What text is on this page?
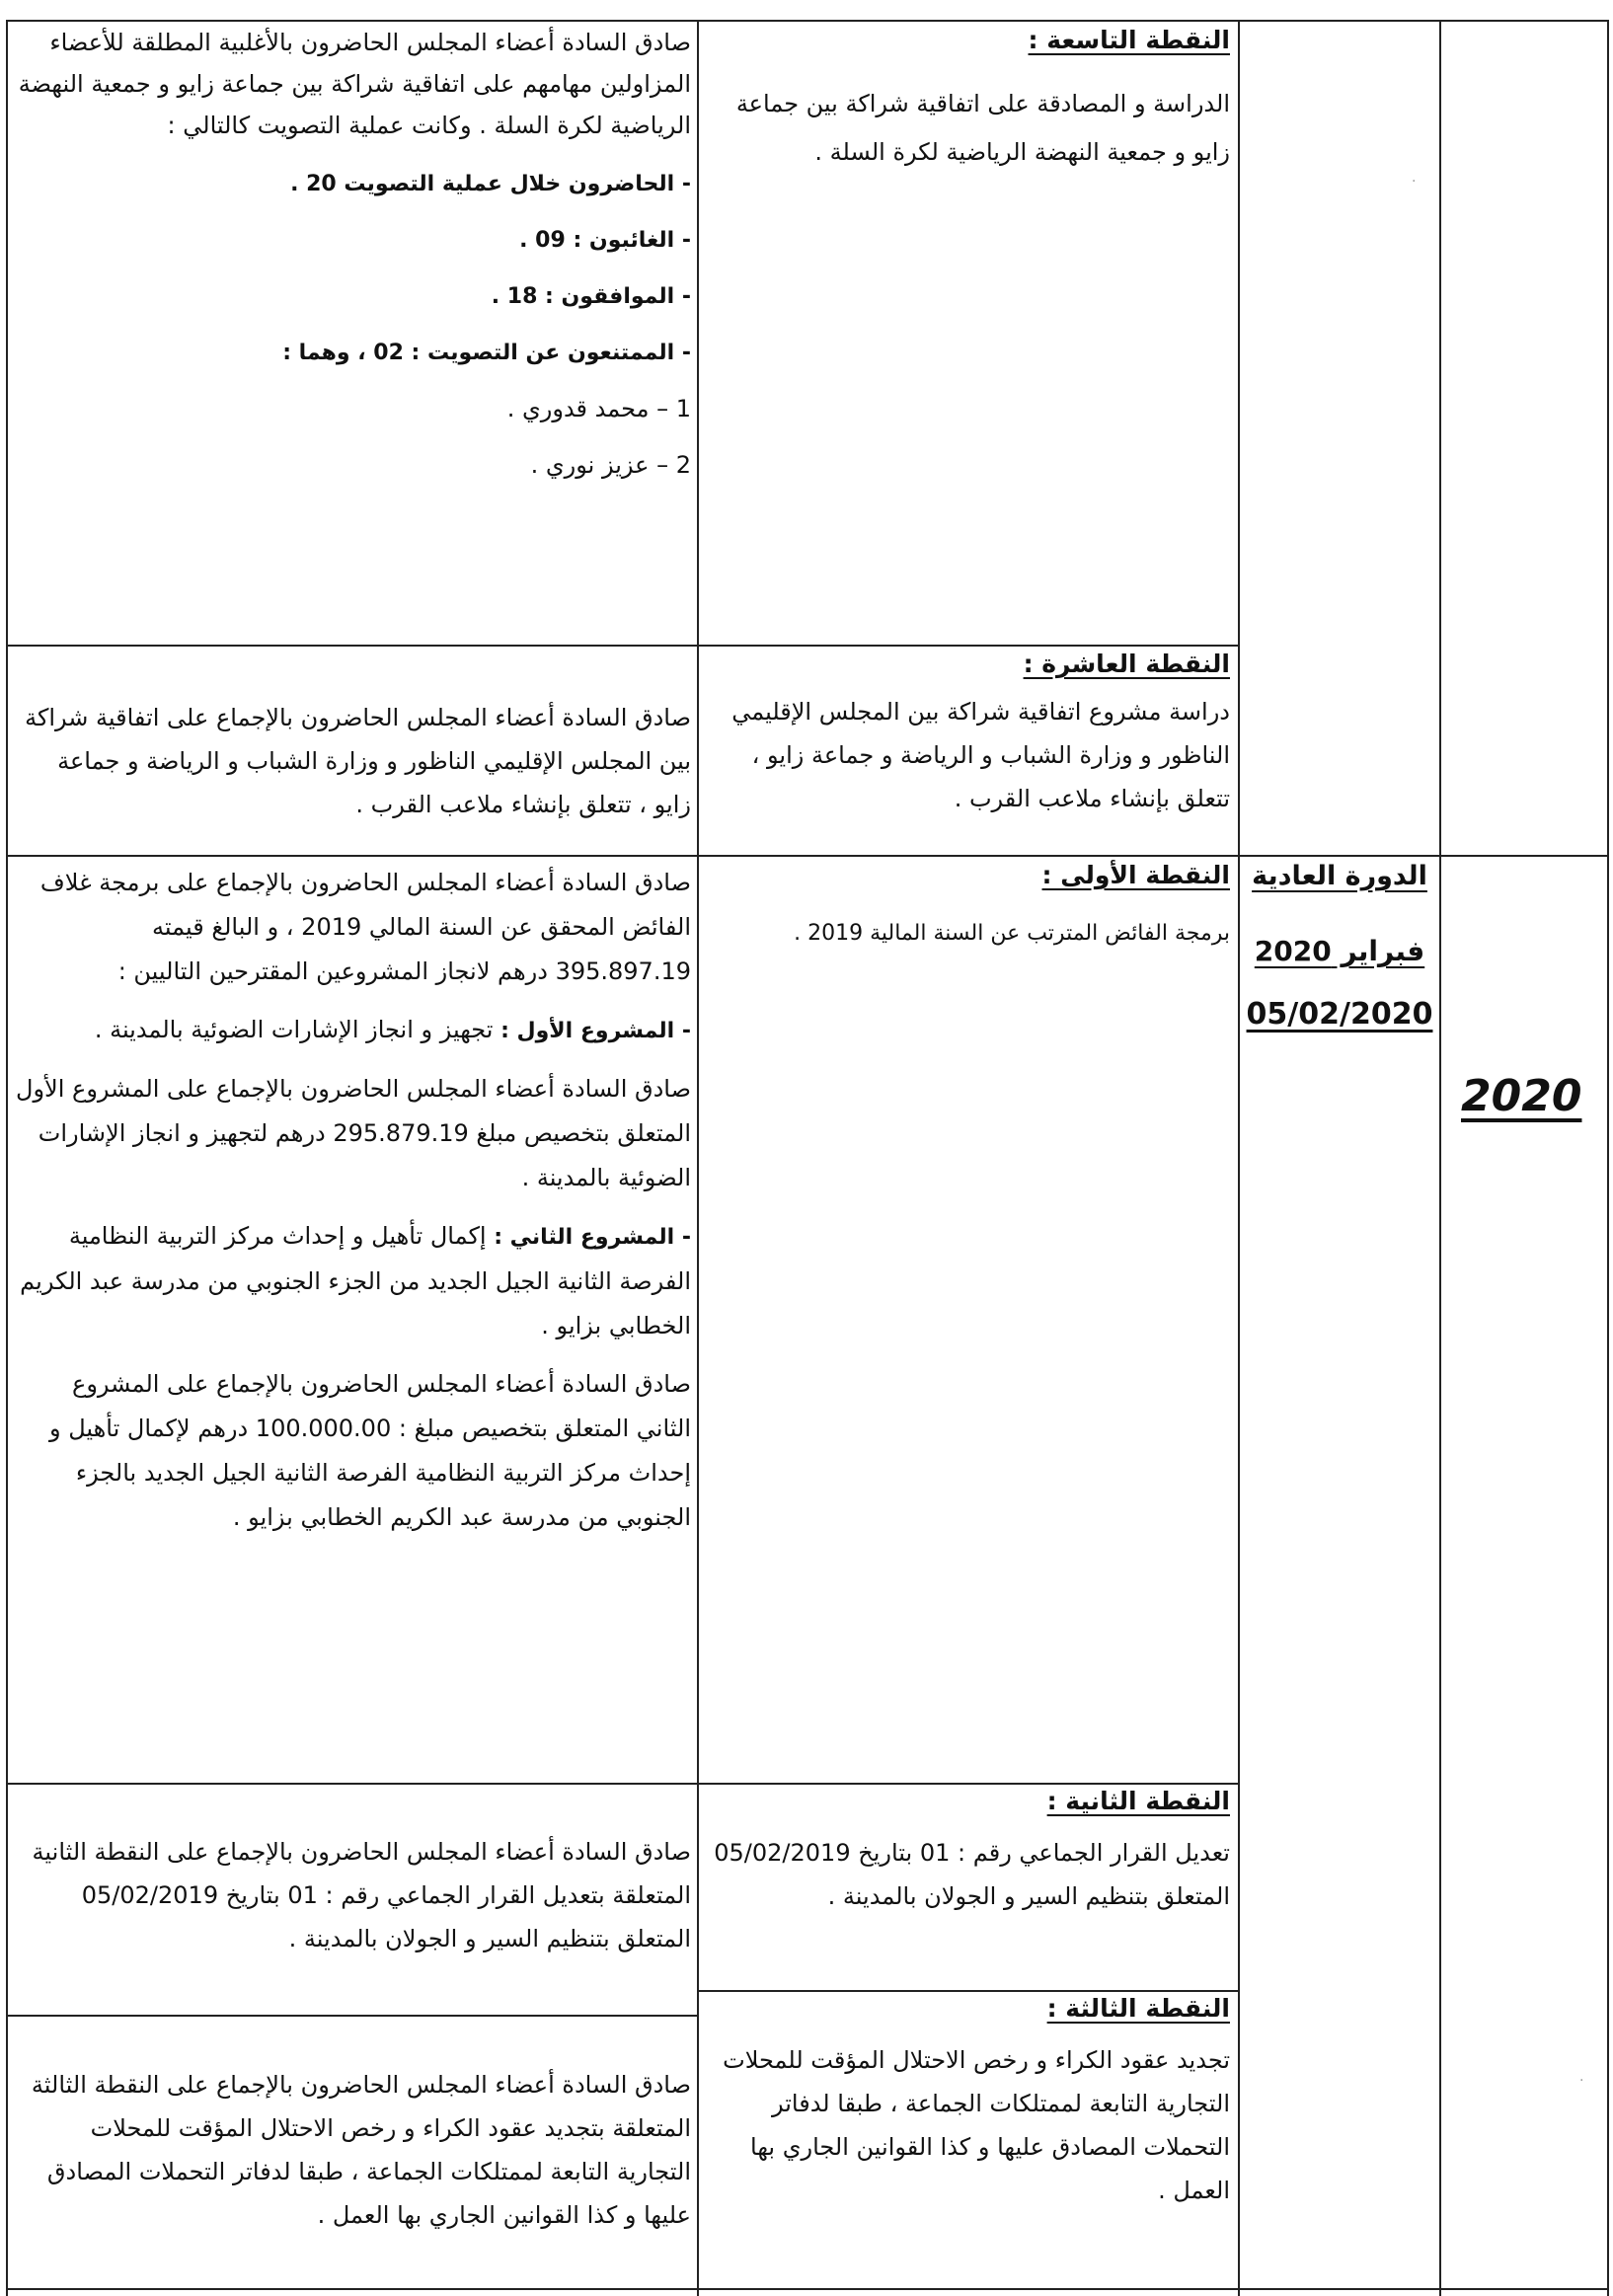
النقطة التاسعة :
الدراسة و المصادقة على اتفاقية شراكة بين جماعة زايو و جمعية النهضة الرياضية لكرة السلة .

صادق السادة أعضاء المجلس الحاضرون بالأغلبية المطلقة للأعضاء المزاولين مهامهم على اتفاقية شراكة بين جماعة زايو و جمعية النهضة الرياضية لكرة السلة . وكانت عملية التصويت كالتالي :

- الحاضرون خلال عملية التصويت 20 .

- الغائبون : 09 .

- الموافقون : 18 .

- الممتنعون عن التصويت : 02 ، وهما :

1 – محمد قدوري .

2 – عزيز نوري .

النقطة العاشرة :
دراسة مشروع اتفاقية شراكة بين المجلس الإقليمي الناظور و وزارة الشباب و الرياضة و جماعة زايو ، تتعلق بإنشاء ملاعب القرب .
صادق السادة أعضاء المجلس الحاضرون بالإجماع على اتفاقية شراكة بين المجلس الإقليمي الناظور و وزارة الشباب و الرياضة و جماعة زايو ، تتعلق بإنشاء ملاعب القرب .
الدورة العادية
فبراير 2020
05/02/2020
2020
النقطة الأولى :
برمجة الفائض المترتب عن السنة المالية 2019 .

صادق السادة أعضاء المجلس الحاضرون بالإجماع على برمجة غلاف الفائض المحقق عن السنة المالي 2019 ، و البالغ قيمته 395.897.19 درهم لانجاز المشروعين المقترحين التاليين :

- المشروع الأول : تجهيز و انجاز الإشارات الضوئية بالمدينة .

صادق السادة أعضاء المجلس الحاضرون بالإجماع على المشروع الأول المتعلق بتخصيص مبلغ 295.879.19 درهم لتجهيز و انجاز الإشارات الضوئية بالمدينة .

- المشروع الثاني : إكمال تأهيل و إحداث مركز التربية النظامية الفرصة الثانية الجيل الجديد من الجزء الجنوبي من مدرسة عبد الكريم الخطابي بزايو .

صادق السادة أعضاء المجلس الحاضرون بالإجماع على المشروع الثاني المتعلق بتخصيص مبلغ : 100.000.00 درهم لإكمال تأهيل و إحداث مركز التربية النظامية الفرصة الثانية الجيل الجديد بالجزء الجنوبي من مدرسة عبد الكريم الخطابي بزايو .

النقطة الثانية :
تعديل القرار الجماعي رقم : 01 بتاريخ 05/02/2019 المتعلق بتنظيم السير و الجولان بالمدينة .
صادق السادة أعضاء المجلس الحاضرون بالإجماع على النقطة الثانية المتعلقة بتعديل القرار الجماعي رقم : 01 بتاريخ 05/02/2019 المتعلق بتنظيم السير و الجولان بالمدينة .
النقطة الثالثة :
تجديد عقود الكراء و رخص الاحتلال المؤقت للمحلات التجارية التابعة لممتلكات الجماعة ، طبقا لدفاتر التحملات المصادق عليها و كذا القوانين الجاري بها العمل .
صادق السادة أعضاء المجلس الحاضرون بالإجماع على النقطة الثالثة المتعلقة بتجديد عقود الكراء و رخص الاحتلال المؤقت للمحلات التجارية التابعة لممتلكات الجماعة ، طبقا لدفاتر التحملات المصادق عليها و كذا القوانين الجاري بها العمل .
·
·
